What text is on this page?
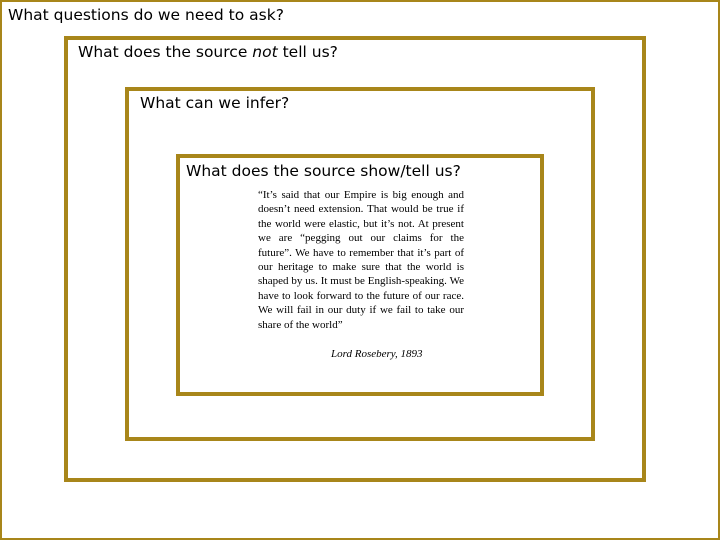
What questions do we need to ask?
What does the source not tell us?
What can we infer?
What does the source show/tell us?

“It’s said that our Empire is big enough and doesn’t need extension. That would be true if the world were elastic, but it’s not. At present we are “pegging out our claims for the future”. We have to remember that it’s part of our heritage to make sure that the world is shaped by us. It must be English-speaking. We have to look forward to the future of our race. We will fail in our duty if we fail to take our share of the world”

Lord Rosebery, 1893
